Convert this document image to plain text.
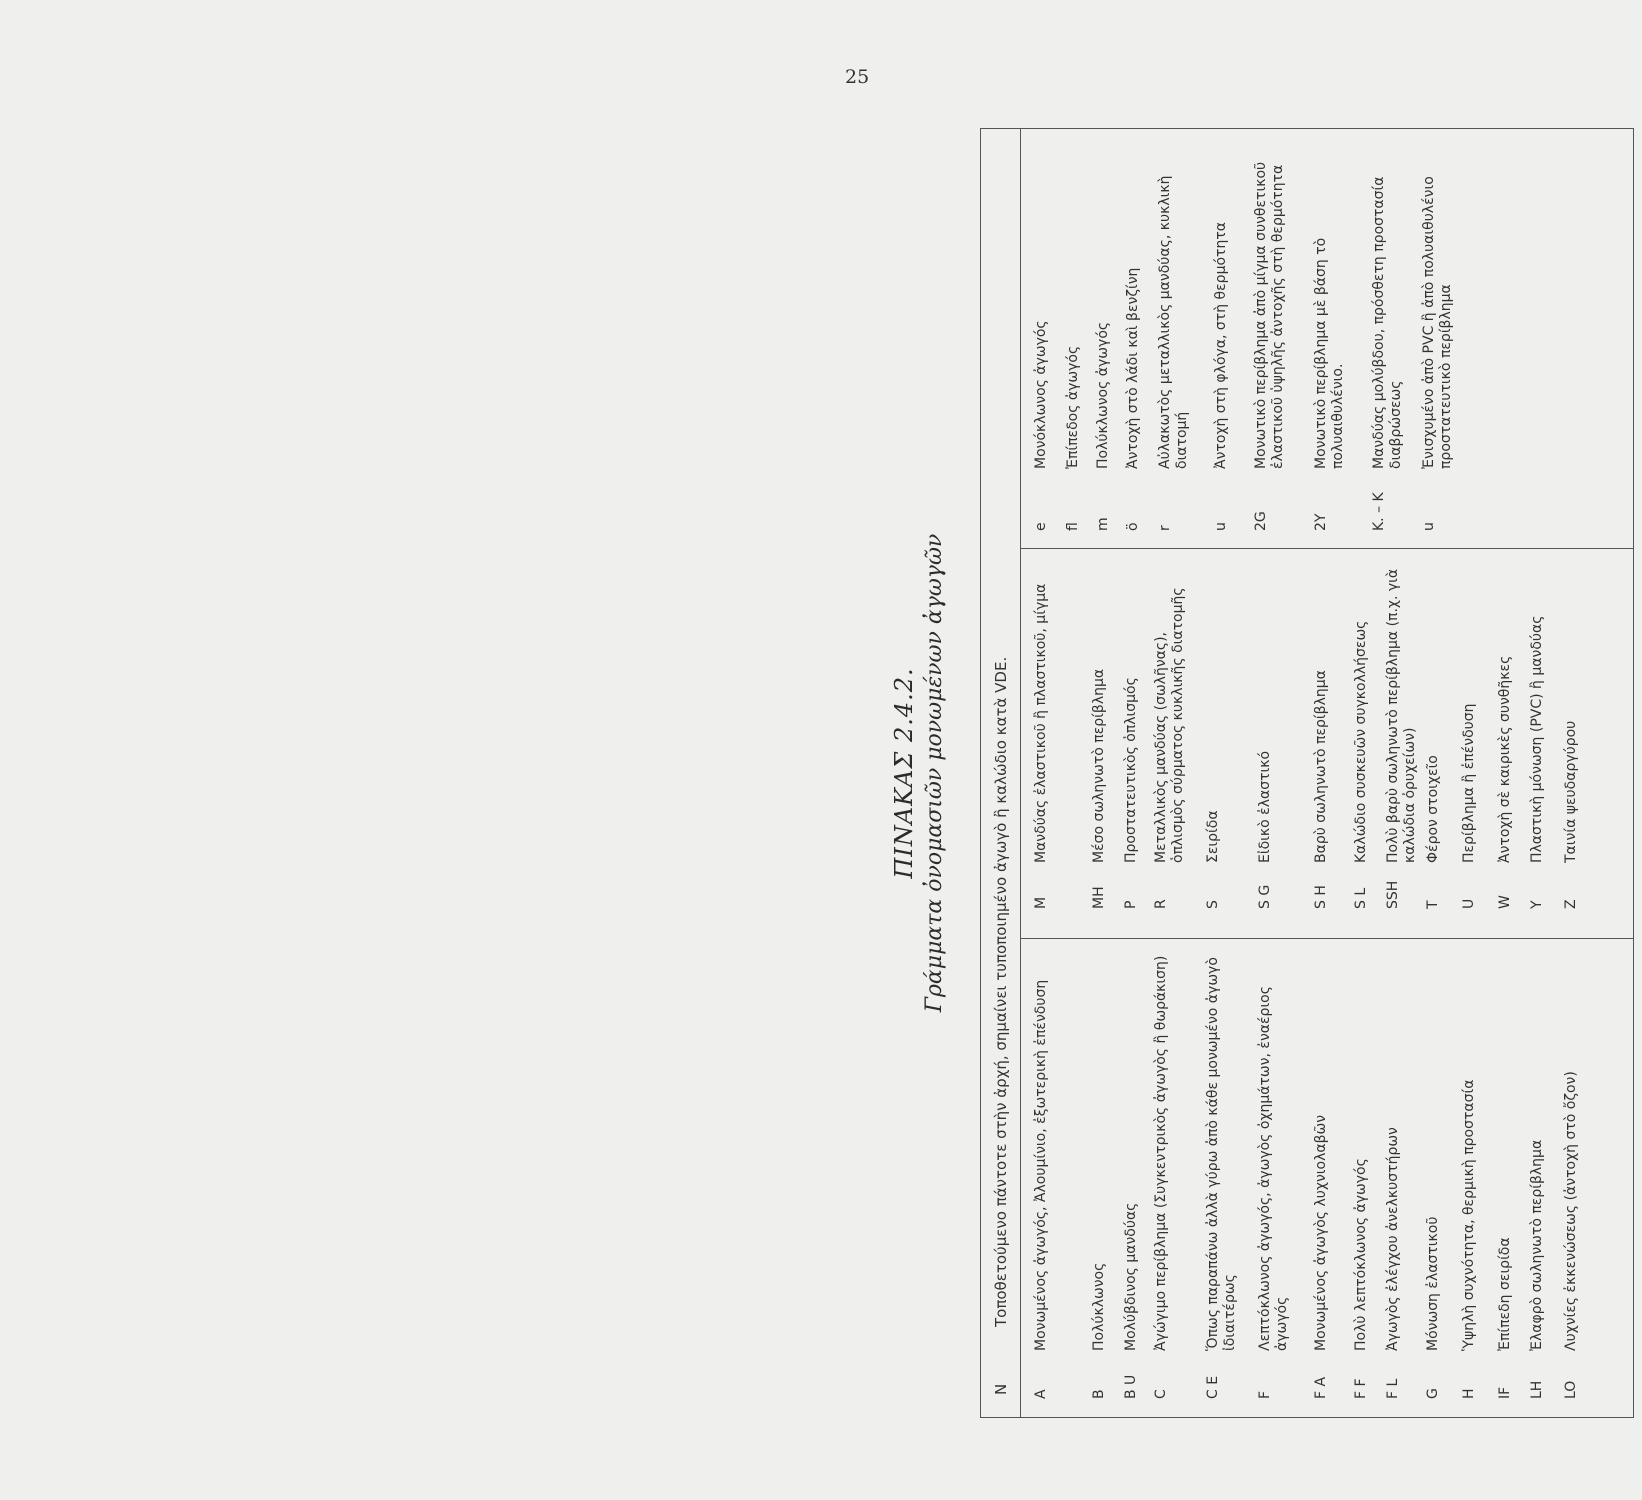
25
ΠΙΝΑΚΑΣ 2.4.2. Γράμματα ὀνομασιῶν μονωμένων ἀγωγῶν
Ν
Τοποθετούμενο πάντοτε στὴν ἀρχή, σημαίνει τυποποιημένο ἀγωγὸ ἢ καλώδιο κατὰ VDE.
A
Μονωμένος ἀγωγός, Ἀλουμίνιο, ἐξωτερικὴ ἐπένδυση
B
Πολύκλωνος
B U
Μολύβδινος μανδύας
C
Ἀγώγιμο περίβλημα (Συγκεντρικὸς ἀγωγὸς ἢ θωράκιση)
C E
Ὅπως παραπάνω ἀλλὰ γύρω ἀπὸ κάθε μονωμένο ἀγωγὸ ἰδιαιτέρως
F
Λεπτόκλωνος ἀγωγός, ἀγωγὸς ὀχημάτων, ἐναέριος ἀγωγός
F A
Μονωμένος ἀγωγὸς λυχνιολαβῶν
F F
Πολὺ λεπτόκλωνος ἀγωγός
F L
Ἀγωγὸς ἐλέγχου ἀνελκυστήρων
G
Μόνωση ἐλαστικοῦ
H
Ὑψηλὴ συχνότητα, θερμικὴ προστασία
IF
Ἐπίπεδη σειρίδα
LH
Ἐλαφρὸ σωληνωτὸ περίβλημα
LO
Λυχνίες ἐκκενώσεως (ἀντοχὴ στὸ ὄζον)
M
Μανδύας ἐλαστικοῦ ἢ πλαστικοῦ, μίγμα
MH
Μέσο σωληνωτὸ περίβλημα
P
Προστατευτικὸς ὁπλισμός
R
Μεταλλικὸς μανδύας (σωλῆνας), ὁπλισμὸς σύρματος κυκλικῆς διατομῆς
S
Σειρίδα
S G
Εἰδικὸ ἐλαστικό
S H
Βαρὺ σωληνωτὸ περίβλημα
S L
Καλώδιο συσκευῶν συγκολλήσεως
SSH
Πολὺ βαρὺ σωληνωτὸ περίβλημα (π.χ. γιὰ καλώδια ὀρυχείων)
T
Φέρον στοιχεῖο
U
Περίβλημα ἢ ἐπένδυση
W
Ἀντοχὴ σὲ καιρικὲς συνθῆκες
Y
Πλαστικὴ μόνωση (PVC) ἢ μανδύας
Z
Ταινία ψευδαργύρου
e
Μονόκλωνος ἀγωγός
fl
Ἐπίπεδος ἀγωγός
m
Πολύκλωνος ἀγωγός
ö
Ἀντοχὴ στὸ λάδι καὶ βενζίνη
r
Αὐλακωτὸς μεταλλικὸς μανδύας, κυκλικὴ διατομή
u
Ἀντοχὴ στὴ φλόγα, στὴ θερμότητα
2G
Μονωτικὸ περίβλημα ἀπὸ μίγμα συνθετικοῦ ἐλαστικοῦ ὑψηλῆς ἀντοχῆς στὴ θερμότητα
2Y
Μονωτικὸ περίβλημα μὲ βάση τὸ πολυαιθυλένιο.
K. – K
Μανδύας μολύβδου, πρόσθετη προστασία διαβρώσεως
u
Ἐνισχυμένο ἀπὸ PVC ἢ ἀπὸ πολυαιθυλένιο προστατευτικὸ περίβλημα
